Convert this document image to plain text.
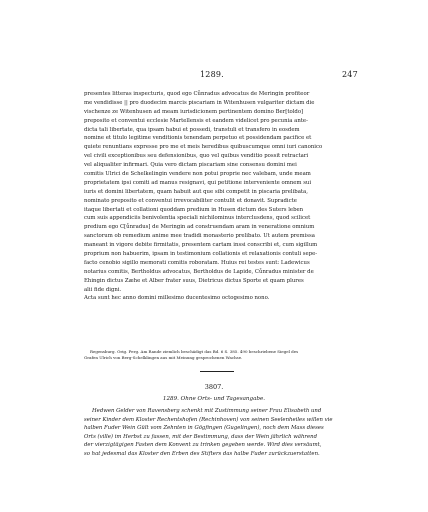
1289.	247
presentes litteras inspecturis, quod ego Cůnradus advocatus de Meringin profiteor
me vendidisse || pro duodecim marcis piscariam in Witenhusen vulgariter dictam die
vischenze ze Witenhusen ad meam iurisdicionem pertinentem domino Ber[toldo]
preposito et conventui ecclesie Martellensis et eandem videlicet pro pecunia ante-
dicta tali libertate, qua ipsam habui et possedi, transtuli et transfero in eosdem
nomine et titulo legitime venditionis tenendam perpetuo et possidendam pacifice et
quiete renuntians expresse pro me et meis heredibus quibuscumque omni iuri canonico
vel civili exceptionibus seu defensionibus, quo vel quibus venditio possit retractari
vel aliqualiter infirmari. Quia vero dictam piscariam sine consensu domini mei
comitis Ulrici de Schelkelingin vendere non potui proprie nec valebam, unde meam
proprietatem ipsi comiti ad manus resignavi, qui petitione interveniente omnem sui
iuris et domini libertatem, quam habuit aut que sibi competit in piscaria prelibata,
nominato preposito et conventui irrevocabiliter contulit et donavit. Supradicte
itaque libertati et collationi quoddam predium in Husen dictum des Suters leben
cum suis appendiciis benivolentia speciali nichilominus interclusdens, quod scilicet
predium ego C[ůnradus] de Meringin ad construendam aram in veneratione omnium
sanctorum ob remedium anime mee tradidi monasterio prelibato. Ut autem premissa
maneant in vigore debite firmitatis, presentem cartam inssi conscribi et, cum sigillum
proprium non habuerim, ipsam in testimonium collationis et relaxationis contuli sepe-
facto cenobio sigillo memorati comitis roboratam. Huius rei testes sunt: Ladewicus
notarius comitis, Bertholdus advocatus, Bertholdus de Lapide, Cůnradus minister de
Ehingin dictus Zæhe et Alber frater suus, Dietricus dictus Sporte et quam plures
alii fide digni.
Acta sunt hec anno domini millesimo ducentesimo octogesimo nono.
Regensburg. Orig. Perg. Am Rande ziemlich beschädigt das Bd. 6 S. 385. 490 beschriebene Siegel des
Grafen Ulrich von Berg-Schelklingen aus mit Meinung gesprochenen Wachse.
3807.
1289. Ohne Orts- und Tagesangabe.
Hedwen Gelder von Ravensberg schenkt mit Zustimmung seiner Frau Elisabeth und
seiner Kinder dem Kloster Rechentshofen (Rechinhoven) von seinen Seelenheiles willen vie
halben Fuder Wein Gült vom Zehnten in Gögfingen (Gugelingen), noch dem Mass dieses
Orts (ville) im Herbst zu fassen, mit der Bestimmung, dass der Wein jährlich während
der vierzigtägigen Fasten dem Konvent zu trinken gegeben werde. Wird dies versäumt,
so hat jedesmal das Kloster den Erben des Stifters das halbe Fuder zurückzuerstatten.
